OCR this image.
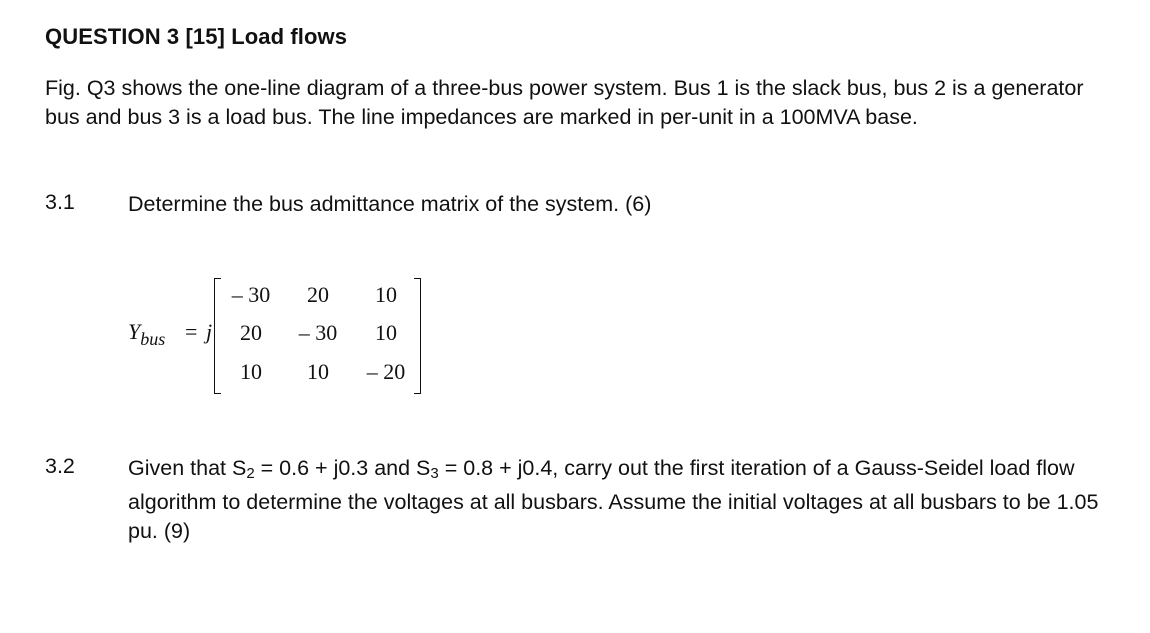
QUESTION 3 [15] Load flows
Fig. Q3 shows the one-line diagram of a three-bus power system. Bus 1 is the slack bus, bus 2 is a generator bus and bus 3 is a load bus. The line impedances are marked in per-unit in a 100MVA base.
3.1 Determine the bus admittance matrix of the system. (6)
$Y_{bus} = j$
– 30	20	10
20	– 30	10
10	10	– 20
3.2 Given that $S_2 = 0.6 + j0.3$ and $S_3 = 0.8 + j0.4$, carry out the first iteration of a Gauss-Seidel load flow algorithm to determine the voltages at all busbars. Assume the initial voltages at all busbars to be 1.05 pu. (9)
